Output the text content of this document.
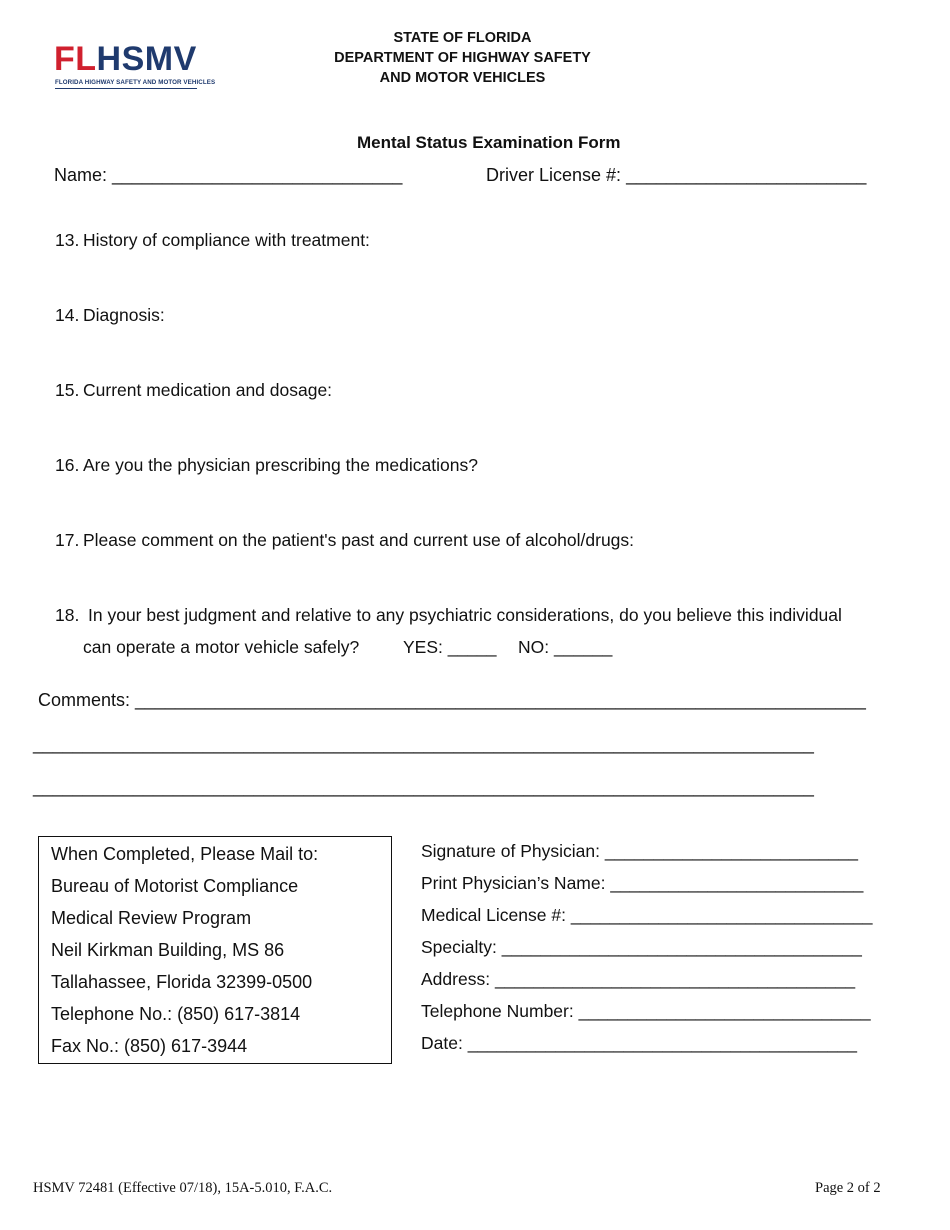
FLHSMV
FLORIDA HIGHWAY SAFETY AND MOTOR VEHICLES
STATE OF FLORIDA
DEPARTMENT OF HIGHWAY SAFETY
AND MOTOR VEHICLES
Mental Status Examination Form
Name: _____________________________	Driver License #: ________________________
13. History of compliance with treatment:
14. Diagnosis:
15. Current medication and dosage:
16. Are you the physician prescribing the medications?
17. Please comment on the patient's past and current use of alcohol/drugs:
18. In your best judgment and relative to any psychiatric considerations, do you believe this individual
can operate a motor vehicle safely? YES: _____ NO: ______
Comments: _________________________________________________________________________
______________________________________________________________________________
______________________________________________________________________________
When Completed, Please Mail to:
Bureau of Motorist Compliance
Medical Review Program
Neil Kirkman Building, MS 86
Tallahassee, Florida 32399-0500
Telephone No.: (850) 617-3814
Fax No.: (850) 617-3944
Signature of Physician: __________________________
Print Physician’s Name: __________________________
Medical License #: _______________________________
Specialty: _____________________________________
Address: _____________________________________
Telephone Number: ______________________________
Date: ________________________________________
HSMV 72481 (Effective 07/18), 15A-5.010, F.A.C.	Page 2 of 2
